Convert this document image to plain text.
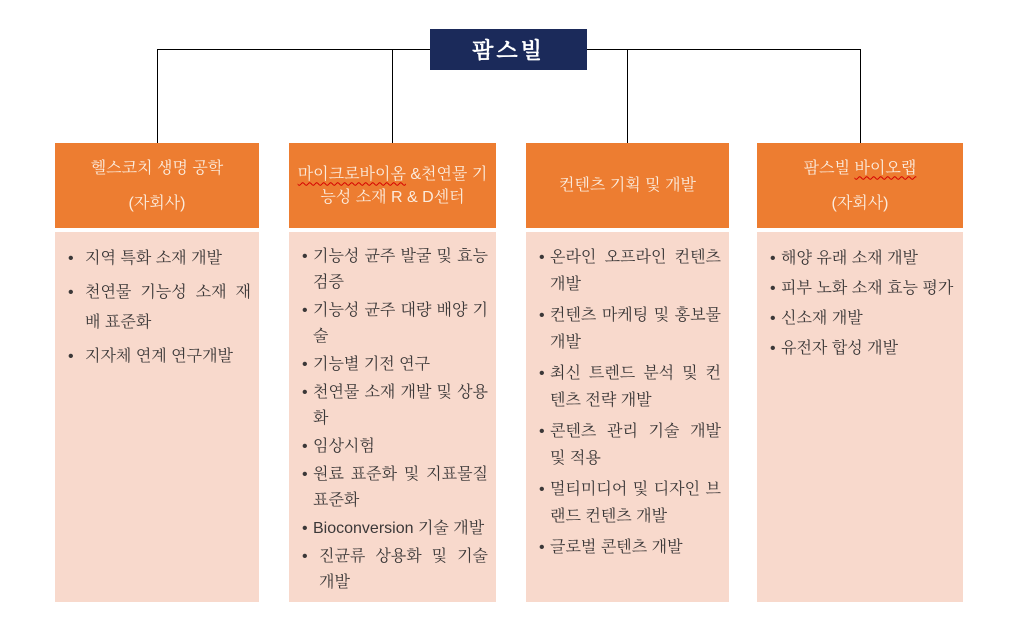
팜스빌
헬스코치 생명 공학
(자회사)
• 지역 특화 소재 개발
• 천연물 기능성 소재 재배 표준화
• 지자체 연계 연구개발
마이크로바이옴 &천연물 기능성 소재 R & D센터
• 기능성 균주 발굴 및 효능 검증
• 기능성 균주 대량 배양 기술
• 기능별 기전 연구
• 천연물 소재 개발 및 상용화
• 임상시험
• 원료 표준화 및 지표물질 표준화
• Bioconversion 기술 개발
• 진균류 상용화 및 기술 개발
컨텐츠 기획 및 개발
• 온라인 오프라인 컨텐츠 개발
• 컨텐츠 마케팅 및 홍보물 개발
• 최신 트렌드 분석 및 컨텐츠 전략 개발
• 콘텐츠 관리 기술 개발 및 적용
• 멀티미디어 및 디자인 브랜드 컨텐츠 개발
• 글로벌 콘텐츠 개발
팜스빌 바이오랩
(자회사)
• 해양 유래 소재 개발
• 피부 노화 소재 효능 평가
• 신소재 개발
• 유전자 합성 개발
